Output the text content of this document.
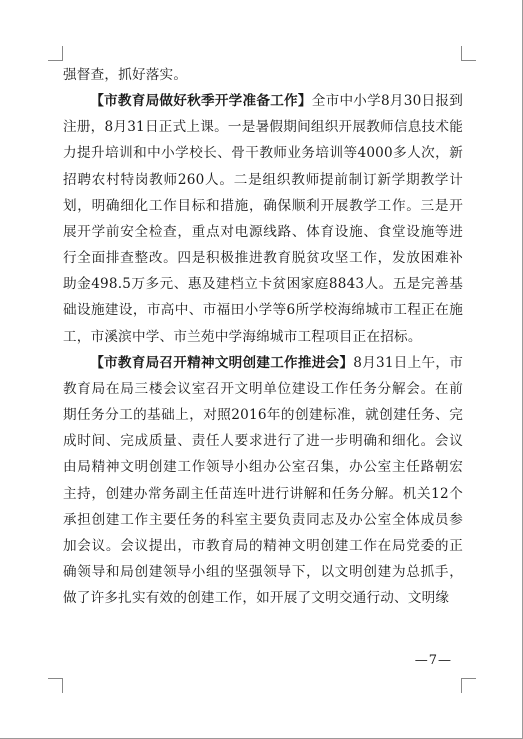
强督查，抓好落实。

【市教育局做好秋季开学准备工作】全市中小学8月30日报到注册，8月31日正式上课。一是暑假期间组织开展教师信息技术能力提升培训和中小学校长、骨干教师业务培训等4000多人次，新招聘农村特岗教师260人。二是组织教师提前制订新学期教学计划，明确细化工作目标和措施，确保顺利开展教学工作。三是开展开学前安全检查，重点对电源线路、体育设施、食堂设施等进行全面排查整改。四是积极推进教育脱贫攻坚工作，发放困难补助金498.5万多元、惠及建档立卡贫困家庭8843人。五是完善基础设施建设，市高中、市福田小学等6所学校海绵城市工程正在施工，市溪滨中学、市兰苑中学海绵城市工程项目正在招标。

【市教育局召开精神文明创建工作推进会】8月31日上午，市教育局在局三楼会议室召开文明单位建设工作任务分解会。在前期任务分工的基础上，对照2016年的创建标准，就创建任务、完成时间、完成质量、责任人要求进行了进一步明确和细化。会议由局精神文明创建工作领导小组办公室召集，办公室主任路朝宏主持，创建办常务副主任苗连叶进行讲解和任务分解。机关12个承担创建工作主要任务的科室主要负责同志及办公室全体成员参加会议。会议提出，市教育局的精神文明创建工作在局党委的正确领导和局创建领导小组的坚强领导下，以文明创建为总抓手，做了许多扎实有效的创建工作，如开展了文明交通行动、文明缘

—7—
